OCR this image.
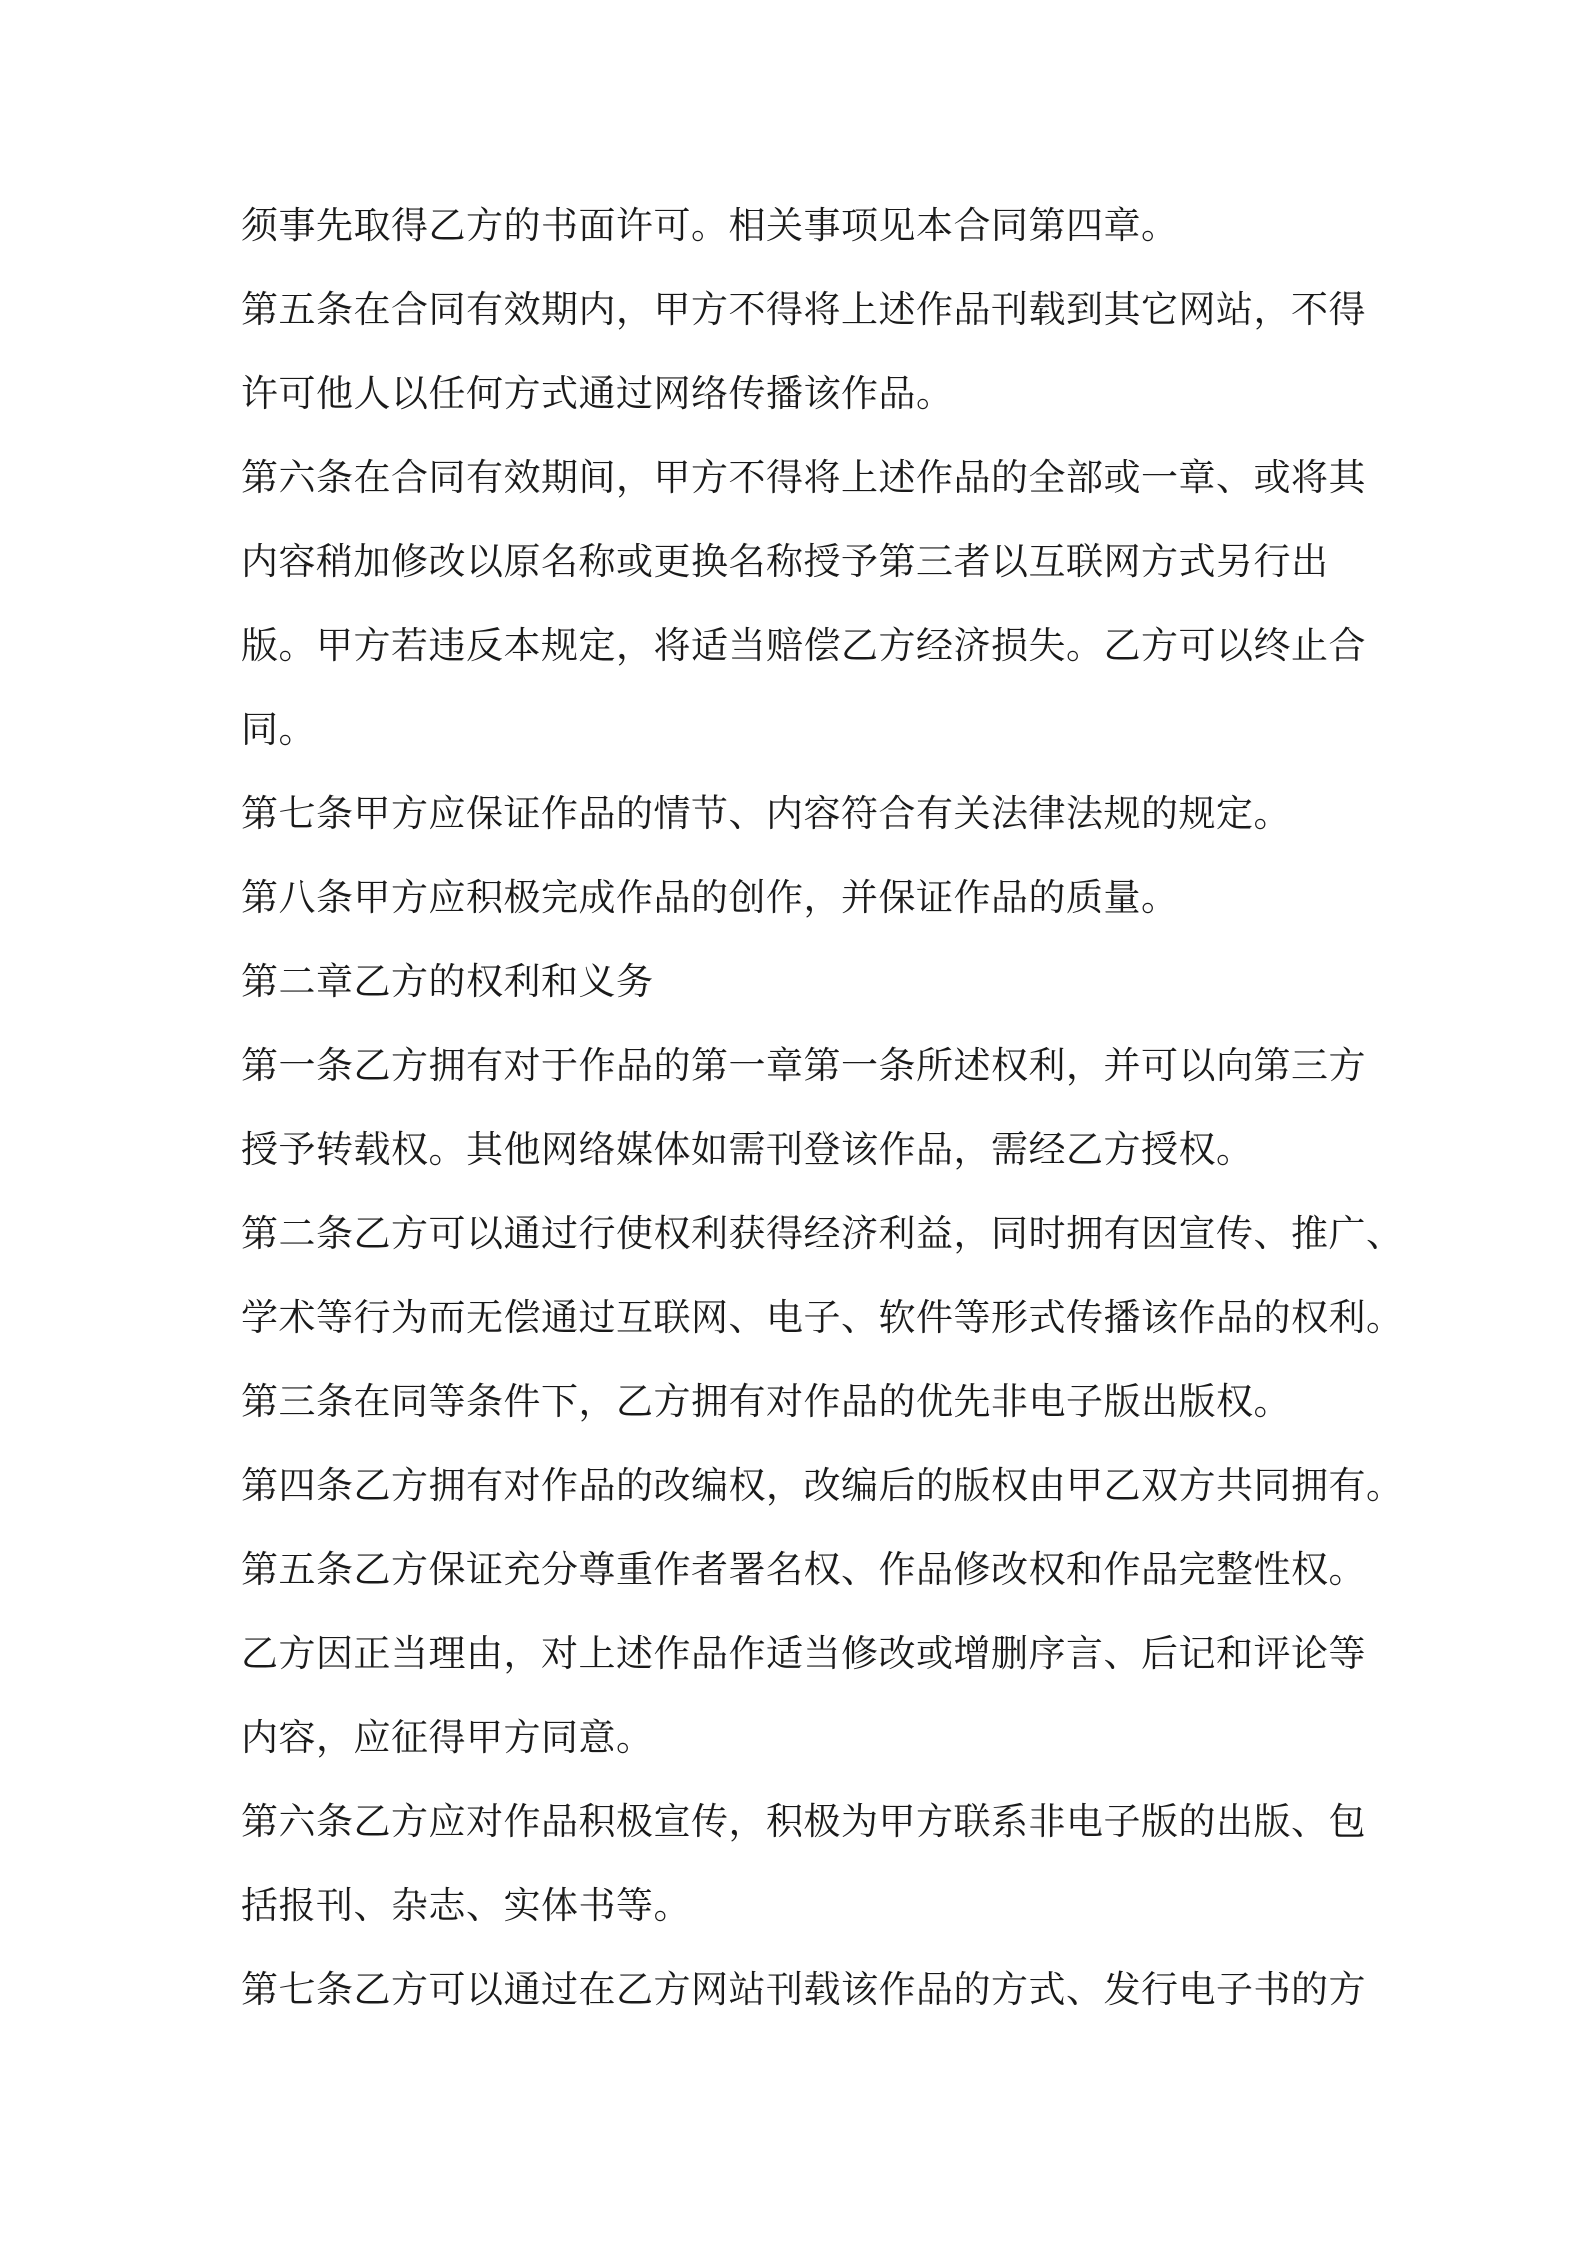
须事先取得乙方的书面许可。相关事项见本合同第四章。

第五条在合同有效期内，甲方不得将上述作品刊载到其它网站，不得

许可他人以任何方式通过网络传播该作品。

第六条在合同有效期间，甲方不得将上述作品的全部或一章、或将其

内容稍加修改以原名称或更换名称授予第三者以互联网方式另行出

版。甲方若违反本规定，将适当赔偿乙方经济损失。乙方可以终止合

同。

第七条甲方应保证作品的情节、内容符合有关法律法规的规定。

第八条甲方应积极完成作品的创作，并保证作品的质量。

第二章乙方的权利和义务

第一条乙方拥有对于作品的第一章第一条所述权利，并可以向第三方

授予转载权。其他网络媒体如需刊登该作品，需经乙方授权。

第二条乙方可以通过行使权利获得经济利益，同时拥有因宣传、推广、

学术等行为而无偿通过互联网、电子、软件等形式传播该作品的权利。

第三条在同等条件下，乙方拥有对作品的优先非电子版出版权。

第四条乙方拥有对作品的改编权，改编后的版权由甲乙双方共同拥有。

第五条乙方保证充分尊重作者署名权、作品修改权和作品完整性权。

乙方因正当理由，对上述作品作适当修改或增删序言、后记和评论等

内容，应征得甲方同意。

第六条乙方应对作品积极宣传，积极为甲方联系非电子版的出版、包

括报刊、杂志、实体书等。

第七条乙方可以通过在乙方网站刊载该作品的方式、发行电子书的方
